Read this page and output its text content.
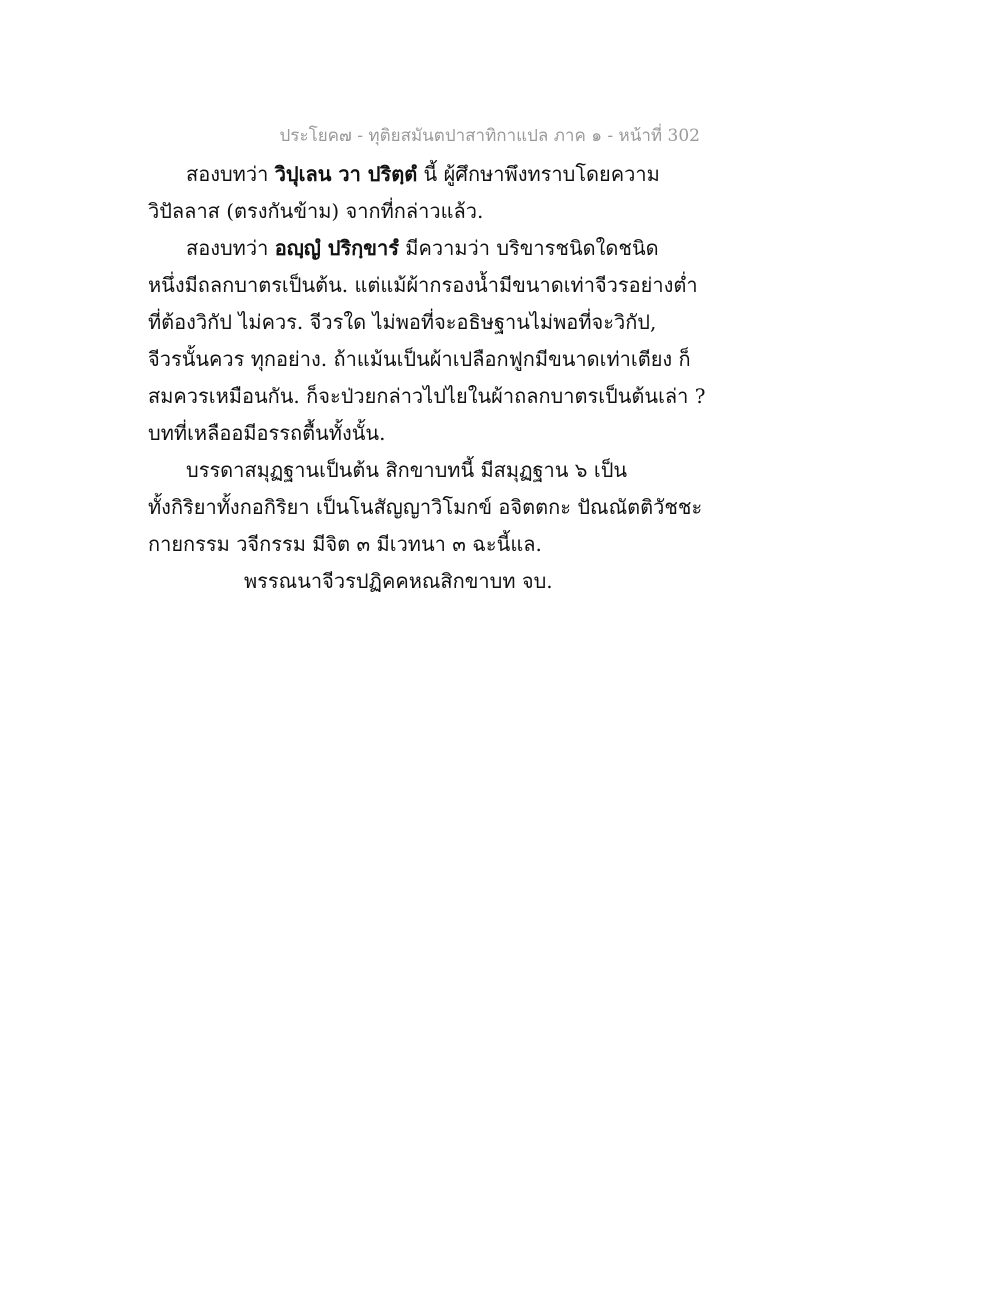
ประโยค๗ - ทุติยสมันตปาสาทิกาแปล ภาค ๑ - หน้าที่ 302

สองบทว่า วิปุเลน วา ปริตฺตํ นี้ ผู้ศึกษาพึงทราบโดยความ
วิปัลลาส (ตรงกันข้าม) จากที่กล่าวแล้ว.

สองบทว่า อญฺญํ ปริกฺขารํ มีความว่า บริขารชนิดใดชนิด
หนึ่งมีถลกบาตรเป็นต้น. แต่แม้ผ้ากรองน้ำมีขนาดเท่าจีวรอย่างต่ำ
ที่ต้องวิกัป ไม่ควร. จีวรใด ไม่พอที่จะอธิษฐานไม่พอที่จะวิกัป,
จีวรนั้นควร ทุกอย่าง. ถ้าแม้นเป็นผ้าเปลือกฟูกมีขนาดเท่าเตียง ก็
สมควรเหมือนกัน. ก็จะป่วยกล่าวไปไยในผ้าถลกบาตรเป็นต้นเล่า ?
บทที่เหลืออมีอรรถตื้นทั้งนั้น.

บรรดาสมุฏฐานเป็นต้น สิกขาบทนี้ มีสมุฏฐาน ๖ เป็น
ทั้งกิริยาทั้งกอกิริยา เป็นโนสัญญาวิโมกข์ อจิตตกะ ปัณณัตติวัชชะ
กายกรรม วจีกรรม มีจิต ๓ มีเวทนา ๓ ฉะนี้แล.

พรรณนาจีวรปฏิคคหณสิกขาบท จบ.
